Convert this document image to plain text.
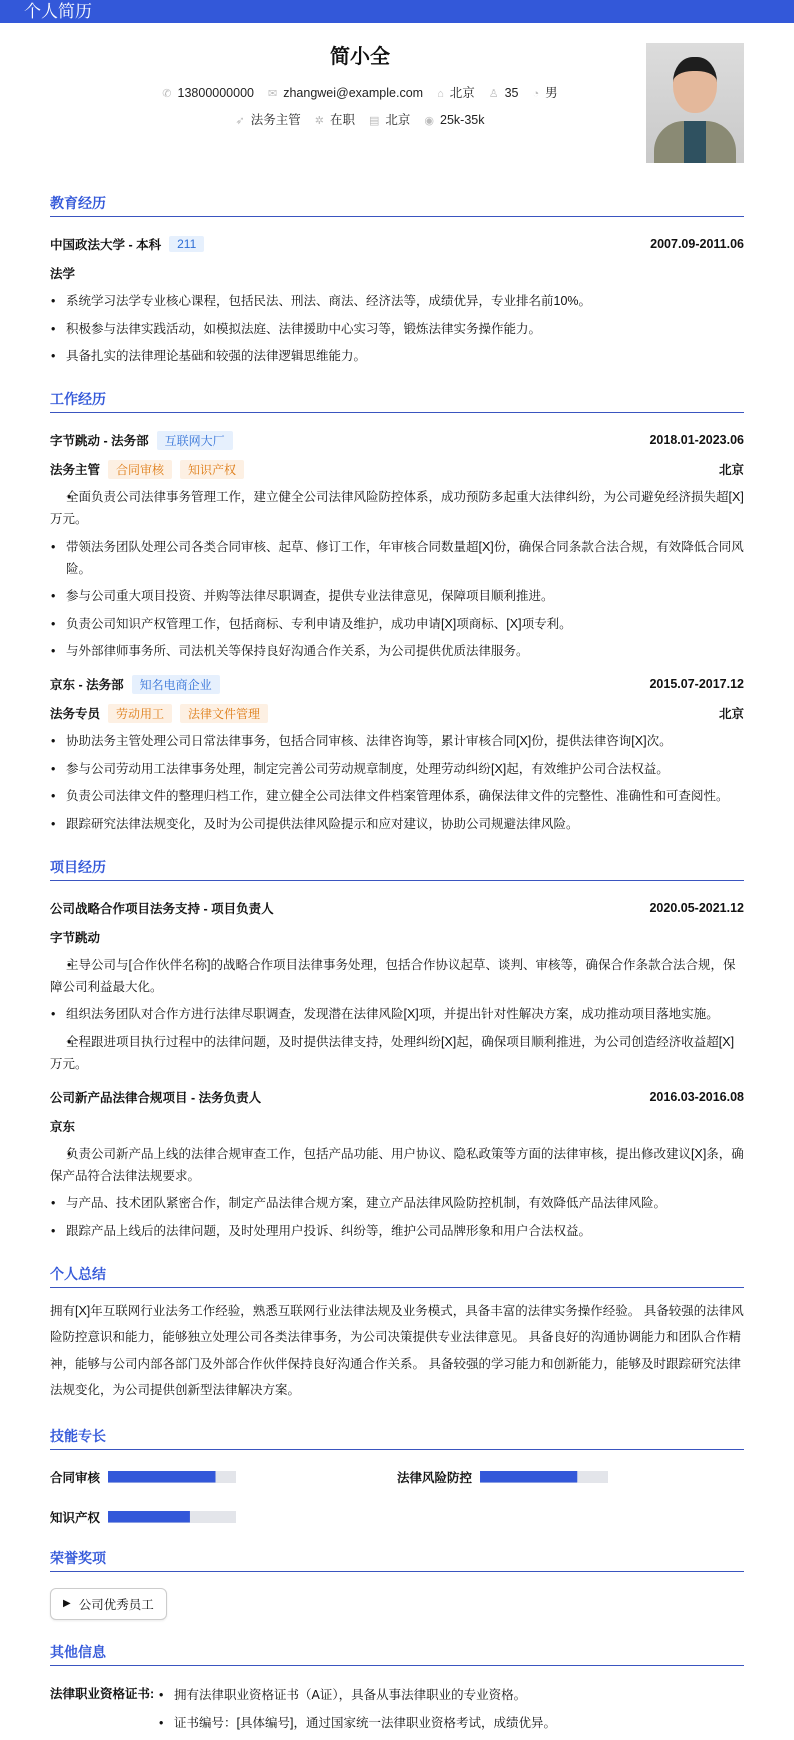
个人简历
简小全
✆ 13800000000 ✉ zhangwei@example.com ⌂ 北京 ♙ 35 ◔ 男
➶ 法务主管 ✲ 在职 ▤ 北京 ◉ 25k-35k
教育经历
中国政法大学 - 本科	211	2007.09-2011.06
法学
• 系统学习法学专业核心课程，包括民法、刑法、商法、经济法等，成绩优异，专业排名前10%。
• 积极参与法律实践活动，如模拟法庭、法律援助中心实习等，锻炼法律实务操作能力。
• 具备扎实的法律理论基础和较强的法律逻辑思维能力。
工作经历
字节跳动 - 法务部	互联网大厂	2018.01-2023.06
法务主管	合同审核	知识产权	北京
• 全面负责公司法律事务管理工作，建立健全公司法律风险防控体系，成功预防多起重大法律纠纷，为公司避免经济损失超[X]万元。
• 带领法务团队处理公司各类合同审核、起草、修订工作，年审核合同数量超[X]份，确保合同条款合法合规，有效降低合同风险。
• 参与公司重大项目投资、并购等法律尽职调查，提供专业法律意见，保障项目顺利推进。
• 负责公司知识产权管理工作，包括商标、专利申请及维护，成功申请[X]项商标、[X]项专利。
• 与外部律师事务所、司法机关等保持良好沟通合作关系，为公司提供优质法律服务。
京东 - 法务部	知名电商企业	2015.07-2017.12
法务专员	劳动用工	法律文件管理	北京
• 协助法务主管处理公司日常法律事务，包括合同审核、法律咨询等，累计审核合同[X]份，提供法律咨询[X]次。
• 参与公司劳动用工法律事务处理，制定完善公司劳动规章制度，处理劳动纠纷[X]起，有效维护公司合法权益。
• 负责公司法律文件的整理归档工作，建立健全公司法律文件档案管理体系，确保法律文件的完整性、准确性和可查阅性。
• 跟踪研究法律法规变化，及时为公司提供法律风险提示和应对建议，协助公司规避法律风险。
项目经历
公司战略合作项目法务支持 - 项目负责人	2020.05-2021.12
字节跳动
• 主导公司与[合作伙伴名称]的战略合作项目法律事务处理，包括合作协议起草、谈判、审核等，确保合作条款合法合规，保障公司利益最大化。
• 组织法务团队对合作方进行法律尽职调查，发现潜在法律风险[X]项，并提出针对性解决方案，成功推动项目落地实施。
• 全程跟进项目执行过程中的法律问题，及时提供法律支持，处理纠纷[X]起，确保项目顺利推进，为公司创造经济收益超[X]万元。
公司新产品法律合规项目 - 法务负责人	2016.03-2016.08
京东
• 负责公司新产品上线的法律合规审查工作，包括产品功能、用户协议、隐私政策等方面的法律审核，提出修改建议[X]条，确保产品符合法律法规要求。
• 与产品、技术团队紧密合作，制定产品法律合规方案，建立产品法律风险防控机制，有效降低产品法律风险。
• 跟踪产品上线后的法律问题，及时处理用户投诉、纠纷等，维护公司品牌形象和用户合法权益。
个人总结
拥有[X]年互联网行业法务工作经验，熟悉互联网行业法律法规及业务模式，具备丰富的法律实务操作经验。 具备较强的法律风险防控意识和能力，能够独立处理公司各类法律事务，为公司决策提供专业法律意见。 具备良好的沟通协调能力和团队合作精神，能够与公司内部各部门及外部合作伙伴保持良好沟通合作关系。 具备较强的学习能力和创新能力，能够及时跟踪研究法律法规变化，为公司提供创新型法律解决方案。
技能专长
合同审核	法律风险防控
知识产权
荣誉奖项
▶ 公司优秀员工
其他信息
法律职业资格证书:	• 拥有法律职业资格证书（A证），具备从事法律职业的专业资格。
• 证书编号：[具体编号]，通过国家统一法律职业资格考试，成绩优异。
